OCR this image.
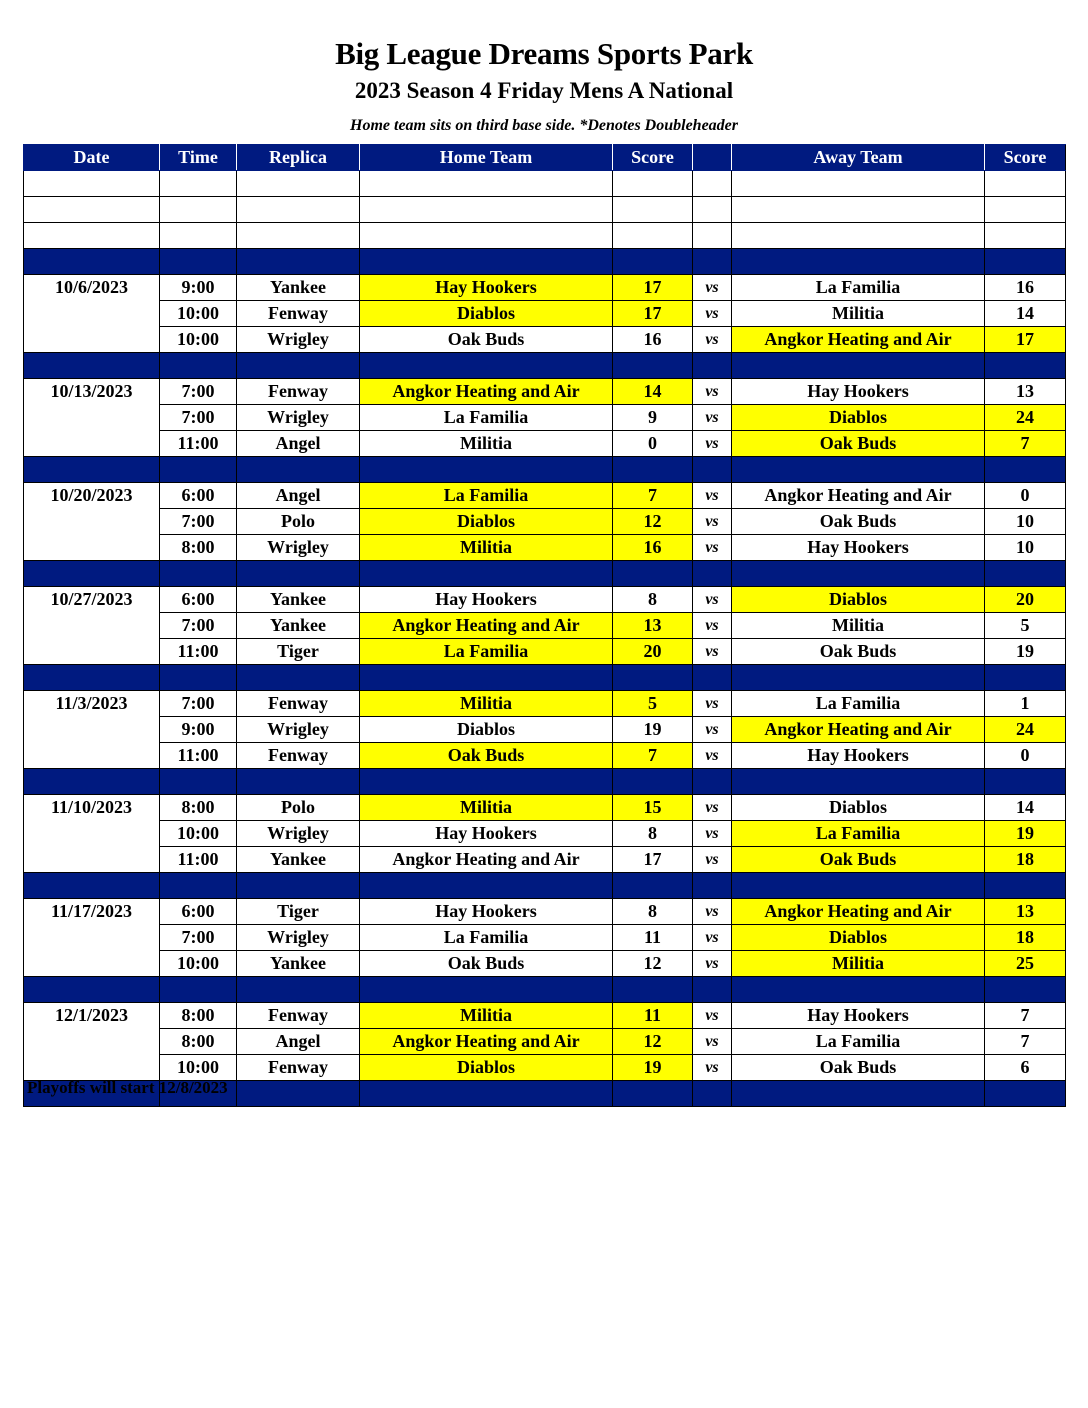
Big League Dreams Sports Park
2023 Season 4 Friday Mens A National
Home team sits on third base side. *Denotes Doubleheader
Date	Time	Replica	Home Team	Score		Away Team	Score

10/6/2023	9:00	Yankee	Hay Hookers	17	vs	La Familia	16
	10:00	Fenway	Diablos	17	vs	Militia	14
	10:00	Wrigley	Oak Buds	16	vs	Angkor Heating and Air	17

10/13/2023	7:00	Fenway	Angkor Heating and Air	14	vs	Hay Hookers	13
	7:00	Wrigley	La Familia	9	vs	Diablos	24
	11:00	Angel	Militia	0	vs	Oak Buds	7

10/20/2023	6:00	Angel	La Familia	7	vs	Angkor Heating and Air	0
	7:00	Polo	Diablos	12	vs	Oak Buds	10
	8:00	Wrigley	Militia	16	vs	Hay Hookers	10

10/27/2023	6:00	Yankee	Hay Hookers	8	vs	Diablos	20
	7:00	Yankee	Angkor Heating and Air	13	vs	Militia	5
	11:00	Tiger	La Familia	20	vs	Oak Buds	19

11/3/2023	7:00	Fenway	Militia	5	vs	La Familia	1
	9:00	Wrigley	Diablos	19	vs	Angkor Heating and Air	24
	11:00	Fenway	Oak Buds	7	vs	Hay Hookers	0

11/10/2023	8:00	Polo	Militia	15	vs	Diablos	14
	10:00	Wrigley	Hay Hookers	8	vs	La Familia	19
	11:00	Yankee	Angkor Heating and Air	17	vs	Oak Buds	18

11/17/2023	6:00	Tiger	Hay Hookers	8	vs	Angkor Heating and Air	13
	7:00	Wrigley	La Familia	11	vs	Diablos	18
	10:00	Yankee	Oak Buds	12	vs	Militia	25

12/1/2023	8:00	Fenway	Militia	11	vs	Hay Hookers	7
	8:00	Angel	Angkor Heating and Air	12	vs	La Familia	7
	10:00	Fenway	Diablos	19	vs	Oak Buds	6

Playoffs will start 12/8/2023
